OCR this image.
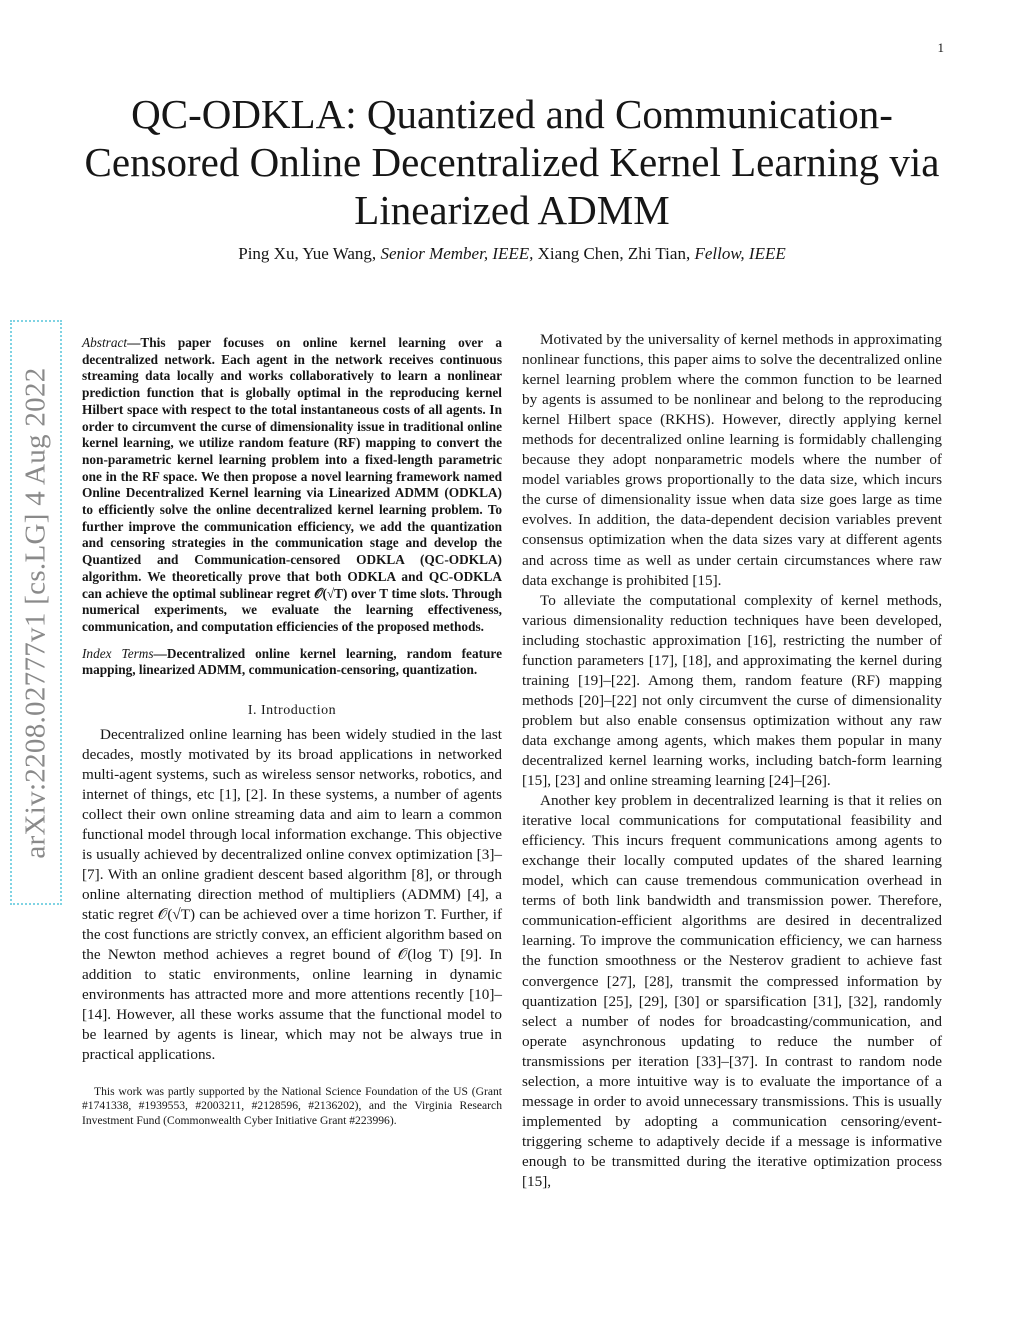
1
QC-ODKLA: Quantized and Communication-Censored Online Decentralized Kernel Learning via Linearized ADMM
Ping Xu, Yue Wang, Senior Member, IEEE, Xiang Chen, Zhi Tian, Fellow, IEEE
arXiv:2208.02777v1 [cs.LG] 4 Aug 2022

Abstract—This paper focuses on online kernel learning over a decentralized network. Each agent in the network receives continuous streaming data locally and works collaboratively to learn a nonlinear prediction function that is globally optimal in the reproducing kernel Hilbert space with respect to the total instantaneous costs of all agents. In order to circumvent the curse of dimensionality issue in traditional online kernel learning, we utilize random feature (RF) mapping to convert the non-parametric kernel learning problem into a fixed-length parametric one in the RF space. We then propose a novel learning framework named Online Decentralized Kernel learning via Linearized ADMM (ODKLA) to efficiently solve the online decentralized kernel learning problem. To further improve the communication efficiency, we add the quantization and censoring strategies in the communication stage and develop the Quantized and Communication-censored ODKLA (QC-ODKLA) algorithm. We theoretically prove that both ODKLA and QC-ODKLA can achieve the optimal sublinear regret 𝒪(√T) over T time slots. Through numerical experiments, we evaluate the learning effectiveness, communication, and computation efficiencies of the proposed methods.

Index Terms—Decentralized online kernel learning, random feature mapping, linearized ADMM, communication-censoring, quantization.

I. Introduction

Decentralized online learning has been widely studied in the last decades, mostly motivated by its broad applications in networked multi-agent systems, such as wireless sensor networks, robotics, and internet of things, etc [1], [2]. In these systems, a number of agents collect their own online streaming data and aim to learn a common functional model through local information exchange. This objective is usually achieved by decentralized online convex optimization [3]–[7]. With an online gradient descent based algorithm [8], or through online alternating direction method of multipliers (ADMM) [4], a static regret 𝒪(√T) can be achieved over a time horizon T. Further, if the cost functions are strictly convex, an efficient algorithm based on the Newton method achieves a regret bound of 𝒪(log T) [9]. In addition to static environments, online learning in dynamic environments has attracted more and more attentions recently [10]–[14]. However, all these works assume that the functional model to be learned by agents is linear, which may not be always true in practical applications.

This work was partly supported by the National Science Foundation of the US (Grant #1741338, #1939553, #2003211, #2128596, #2136202), and the Virginia Research Investment Fund (Commonwealth Cyber Initiative Grant #223996).

Motivated by the universality of kernel methods in approximating nonlinear functions, this paper aims to solve the decentralized online kernel learning problem where the common function to be learned by agents is assumed to be nonlinear and belong to the reproducing kernel Hilbert space (RKHS). However, directly applying kernel methods for decentralized online learning is formidably challenging because they adopt nonparametric models where the number of model variables grows proportionally to the data size, which incurs the curse of dimensionality issue when data size goes large as time evolves. In addition, the data-dependent decision variables prevent consensus optimization when the data sizes vary at different agents and across time as well as under certain circumstances where raw data exchange is prohibited [15].

To alleviate the computational complexity of kernel methods, various dimensionality reduction techniques have been developed, including stochastic approximation [16], restricting the number of function parameters [17], [18], and approximating the kernel during training [19]–[22]. Among them, random feature (RF) mapping methods [20]–[22] not only circumvent the curse of dimensionality problem but also enable consensus optimization without any raw data exchange among agents, which makes them popular in many decentralized kernel learning works, including batch-form learning [15], [23] and online streaming learning [24]–[26].

Another key problem in decentralized learning is that it relies on iterative local communications for computational feasibility and efficiency. This incurs frequent communications among agents to exchange their locally computed updates of the shared learning model, which can cause tremendous communication overhead in terms of both link bandwidth and transmission power. Therefore, communication-efficient algorithms are desired in decentralized learning. To improve the communication efficiency, we can harness the function smoothness or the Nesterov gradient to achieve fast convergence [27], [28], transmit the compressed information by quantization [25], [29], [30] or sparsification [31], [32], randomly select a number of nodes for broadcasting/communication, and operate asynchronous updating to reduce the number of transmissions per iteration [33]–[37]. In contrast to random node selection, a more intuitive way is to evaluate the importance of a message in order to avoid unnecessary transmissions. This is usually implemented by adopting a communication censoring/event-triggering scheme to adaptively decide if a message is informative enough to be transmitted during the iterative optimization process [15],
